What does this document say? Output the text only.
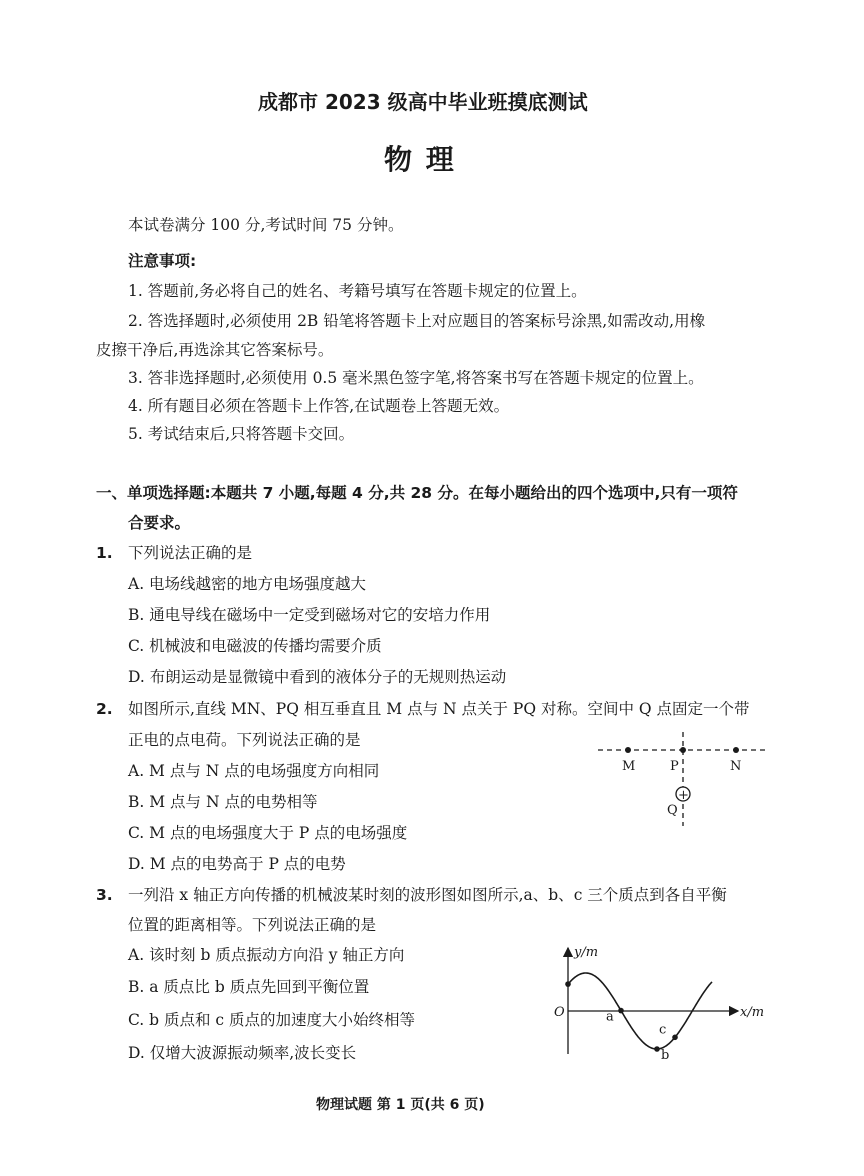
成都市 2023 级高中毕业班摸底测试
物 理
本试卷满分 100 分,考试时间 75 分钟。
注意事项:
1. 答题前,务必将自己的姓名、考籍号填写在答题卡规定的位置上。
2. 答选择题时,必须使用 2B 铅笔将答题卡上对应题目的答案标号涂黑,如需改动,用橡
皮擦干净后,再选涂其它答案标号。
3. 答非选择题时,必须使用 0.5 毫米黑色签字笔,将答案书写在答题卡规定的位置上。
4. 所有题目必须在答题卡上作答,在试题卷上答题无效。
5. 考试结束后,只将答题卡交回。
一、单项选择题:本题共 7 小题,每题 4 分,共 28 分。在每小题给出的四个选项中,只有一项符
合要求。
1. 下列说法正确的是
A. 电场线越密的地方电场强度越大
B. 通电导线在磁场中一定受到磁场对它的安培力作用
C. 机械波和电磁波的传播均需要介质
D. 布朗运动是显微镜中看到的液体分子的无规则热运动
2. 如图所示,直线 MN、PQ 相互垂直且 M 点与 N 点关于 PQ 对称。空间中 Q 点固定一个带
正电的点电荷。下列说法正确的是
A. M 点与 N 点的电场强度方向相同
B. M 点与 N 点的电势相等
C. M 点的电场强度大于 P 点的电场强度
D. M 点的电势高于 P 点的电势
M	P	N
+
Q
3. 一列沿 x 轴正方向传播的机械波某时刻的波形图如图所示,a、b、c 三个质点到各自平衡
位置的距离相等。下列说法正确的是
A. 该时刻 b 质点振动方向沿 y 轴正方向
B. a 质点比 b 质点先回到平衡位置
C. b 质点和 c 质点的加速度大小始终相等
D. 仅增大波源振动频率,波长变长
y/m
x/m
O	a
b
c
物理试题 第 1 页(共 6 页)
